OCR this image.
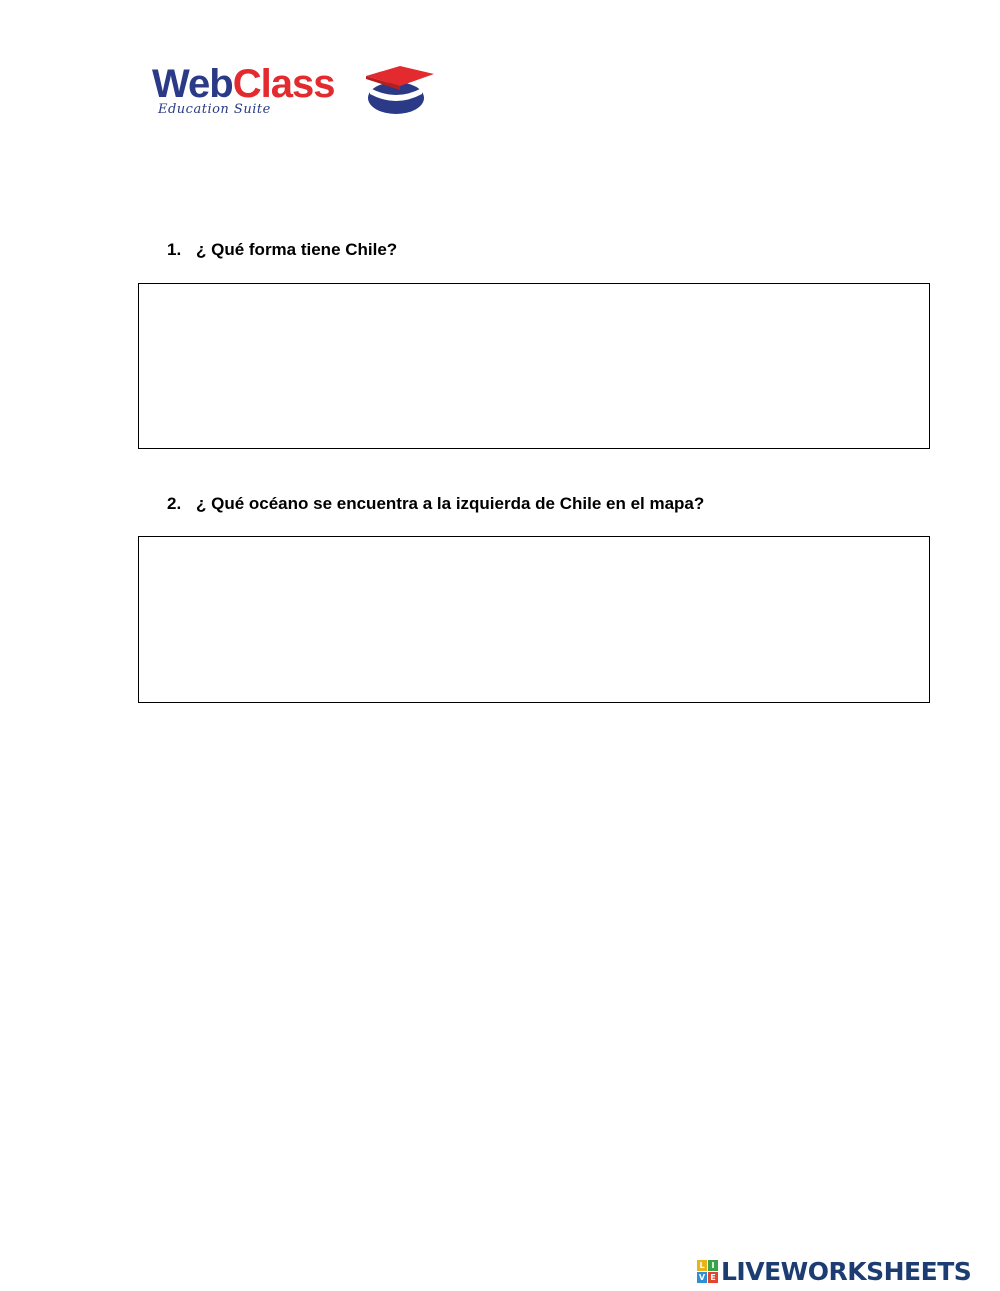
WebClass
Education Suite
1. ¿ Qué forma tiene Chile?
2. ¿ Qué océano se encuentra a la izquierda de Chile en el mapa?
L I
V E LIVEWORKSHEETS
